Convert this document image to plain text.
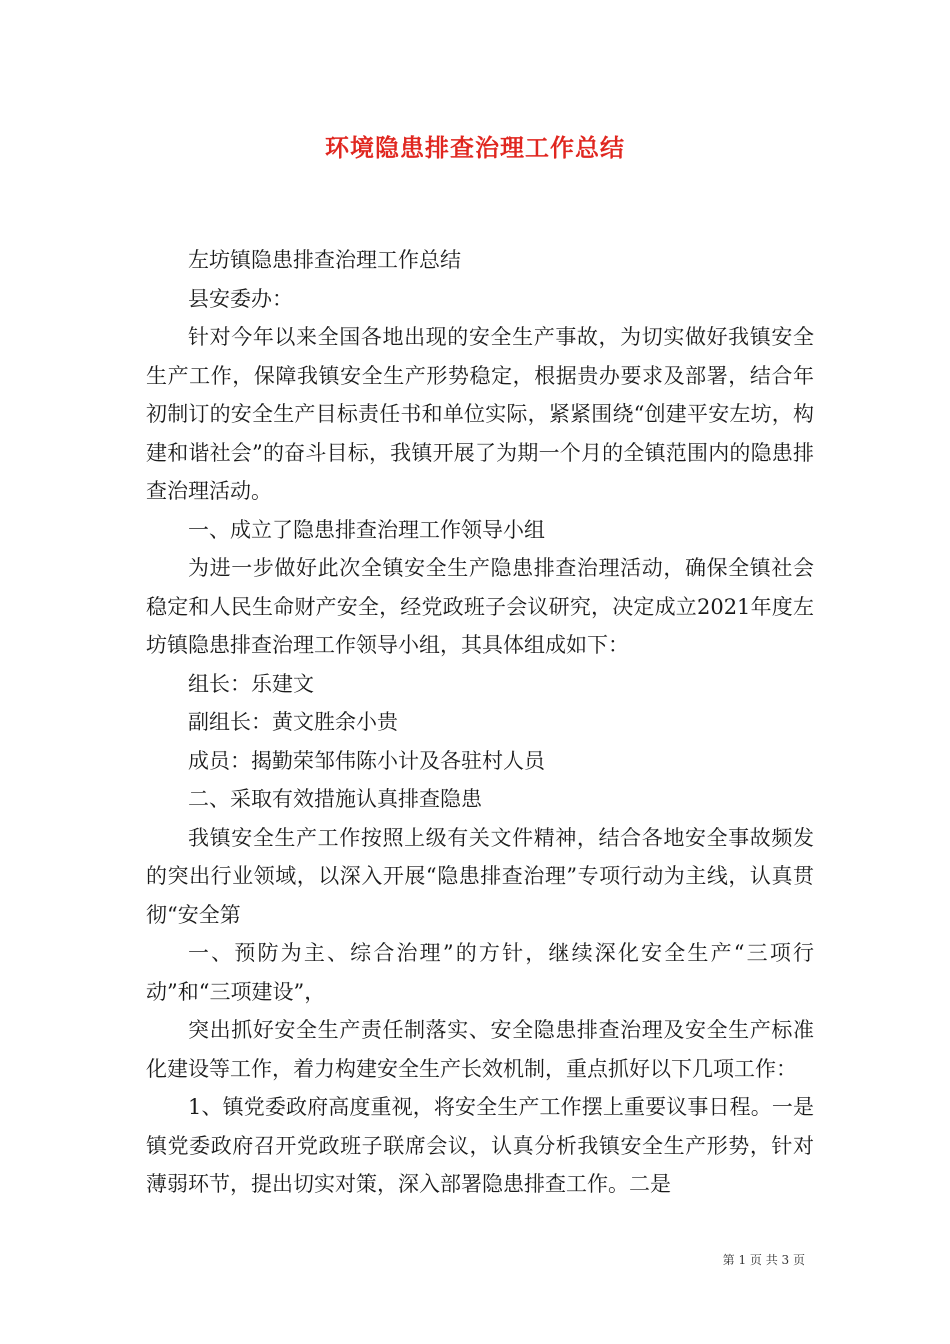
环境隐患排查治理工作总结

左坊镇隐患排查治理工作总结

县安委办：

针对今年以来全国各地出现的安全生产事故，为切实做好我镇安全生产工作，保障我镇安全生产形势稳定，根据贵办要求及部署，结合年初制订的安全生产目标责任书和单位实际，紧紧围绕“创建平安左坊，构建和谐社会”的奋斗目标，我镇开展了为期一个月的全镇范围内的隐患排查治理活动。

一、成立了隐患排查治理工作领导小组

为进一步做好此次全镇安全生产隐患排查治理活动，确保全镇社会稳定和人民生命财产安全，经党政班子会议研究，决定成立2021年度左坊镇隐患排查治理工作领导小组，其具体组成如下：

组长：乐建文

副组长：黄文胜余小贵

成员：揭勤荣邹伟陈小计及各驻村人员

二、采取有效措施认真排查隐患

我镇安全生产工作按照上级有关文件精神，结合各地安全事故频发的突出行业领域，以深入开展“隐患排查治理”专项行动为主线，认真贯彻“安全第

一、预防为主、综合治理”的方针，继续深化安全生产“三项行动”和“三项建设”，

突出抓好安全生产责任制落实、安全隐患排查治理及安全生产标准化建设等工作，着力构建安全生产长效机制，重点抓好以下几项工作：

1、镇党委政府高度重视，将安全生产工作摆上重要议事日程。一是镇党委政府召开党政班子联席会议，认真分析我镇安全生产形势，针对薄弱环节，提出切实对策，深入部署隐患排查工作。二是

第 1 页 共 3 页
